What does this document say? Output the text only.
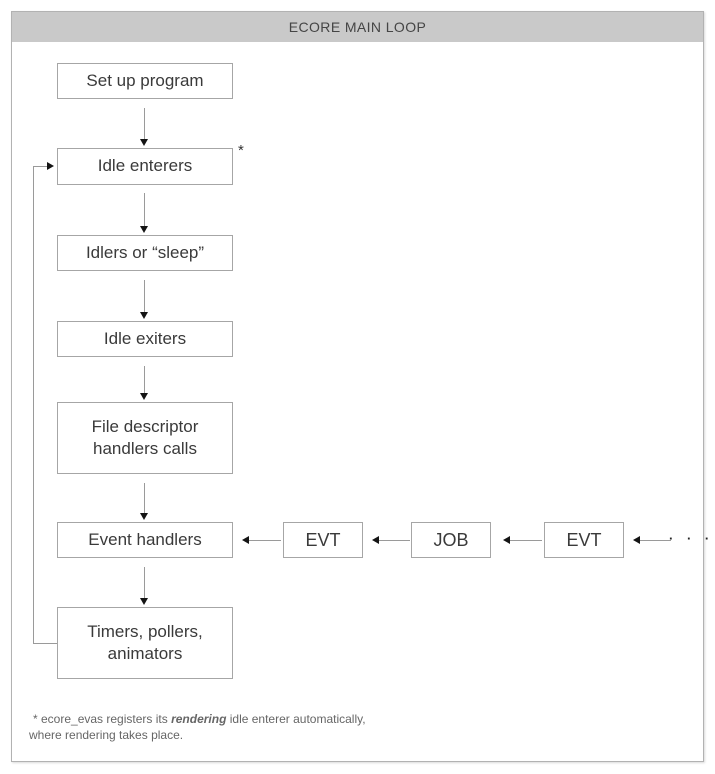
ECORE MAIN LOOP
Set up program
Idle enterers
Idlers or “sleep”
Idle exiters
File descriptor handlers calls
Event handlers
Timers, pollers, animators
*
EVT	JOB	EVT	· · ·
* ecore_evas registers its rendering idle enterer automatically,
where rendering takes place.
